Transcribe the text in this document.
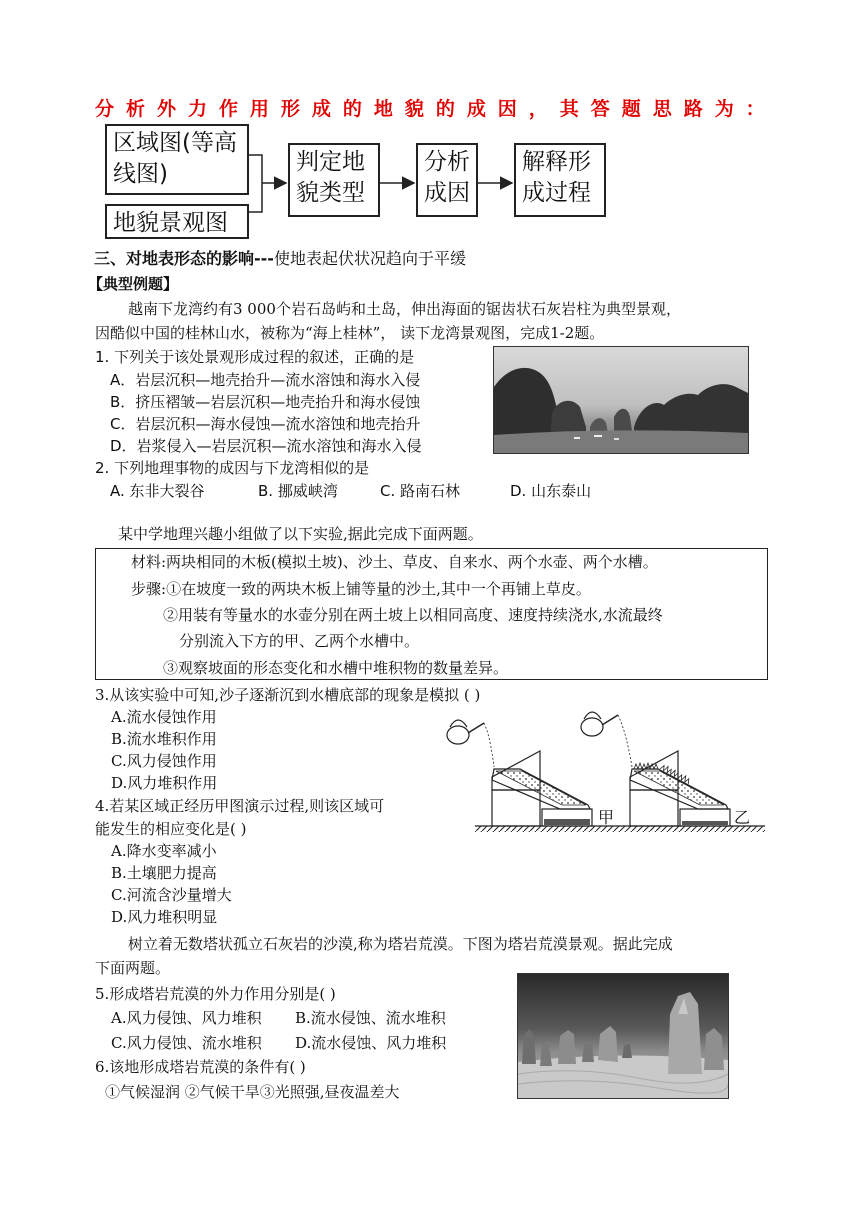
分 析 外 力 作 用 形 成 的 地 貌 的 成 因 ， 其 答 题 思 路 为 ：
区域图(等高线图)
地貌景观图
判定地貌类型
分析成因
解释形成过程
三、对地表形态的影响---使地表起伏状况趋向于平缓
【典型例题】
越南下龙湾约有3 000个岩石岛屿和土岛，伸出海面的锯齿状石灰岩柱为典型景观，
因酷似中国的桂林山水，被称为“海上桂林”， 读下龙湾景观图，完成1-2题。
1. 下列关于该处景观形成过程的叙述，正确的是
A．岩层沉积—地壳抬升—流水溶蚀和海水入侵
B．挤压褶皱—岩层沉积—地壳抬升和海水侵蚀
C．岩层沉积—海水侵蚀—流水溶蚀和地壳抬升
D．岩浆侵入—岩层沉积—流水溶蚀和海水入侵
2. 下列地理事物的成因与下龙湾相似的是
A. 东非大裂谷	B. 挪威峡湾	C. 路南石林	D. 山东泰山
某中学地理兴趣小组做了以下实验,据此完成下面两题。
材料:两块相同的木板(模拟土坡)、沙土、草皮、自来水、两个水壶、两个水槽。
步骤:①在坡度一致的两块木板上铺等量的沙土,其中一个再铺上草皮。
②用装有等量水的水壶分别在两土坡上以相同高度、速度持续浇水,水流最终
分别流入下方的甲、乙两个水槽中。
③观察坡面的形态变化和水槽中堆积物的数量差异。
3.从该实验中可知,沙子逐渐沉到水槽底部的现象是模拟 ( )
A.流水侵蚀作用
B.流水堆积作用
C.风力侵蚀作用
D.风力堆积作用
4.若某区域正经历甲图演示过程,则该区域可
能发生的相应变化是( )
A.降水变率减小
B.土壤肥力提高
C.河流含沙量增大
D.风力堆积明显
甲	乙
树立着无数塔状孤立石灰岩的沙漠,称为塔岩荒漠。下图为塔岩荒漠景观。据此完成
下面两题。
5.形成塔岩荒漠的外力作用分别是( )
A.风力侵蚀、风力堆积 B.流水侵蚀、流水堆积
C.风力侵蚀、流水堆积 D.流水侵蚀、风力堆积
6.该地形成塔岩荒漠的条件有( )
①气候湿润 ②气候干旱③光照强,昼夜温差大
